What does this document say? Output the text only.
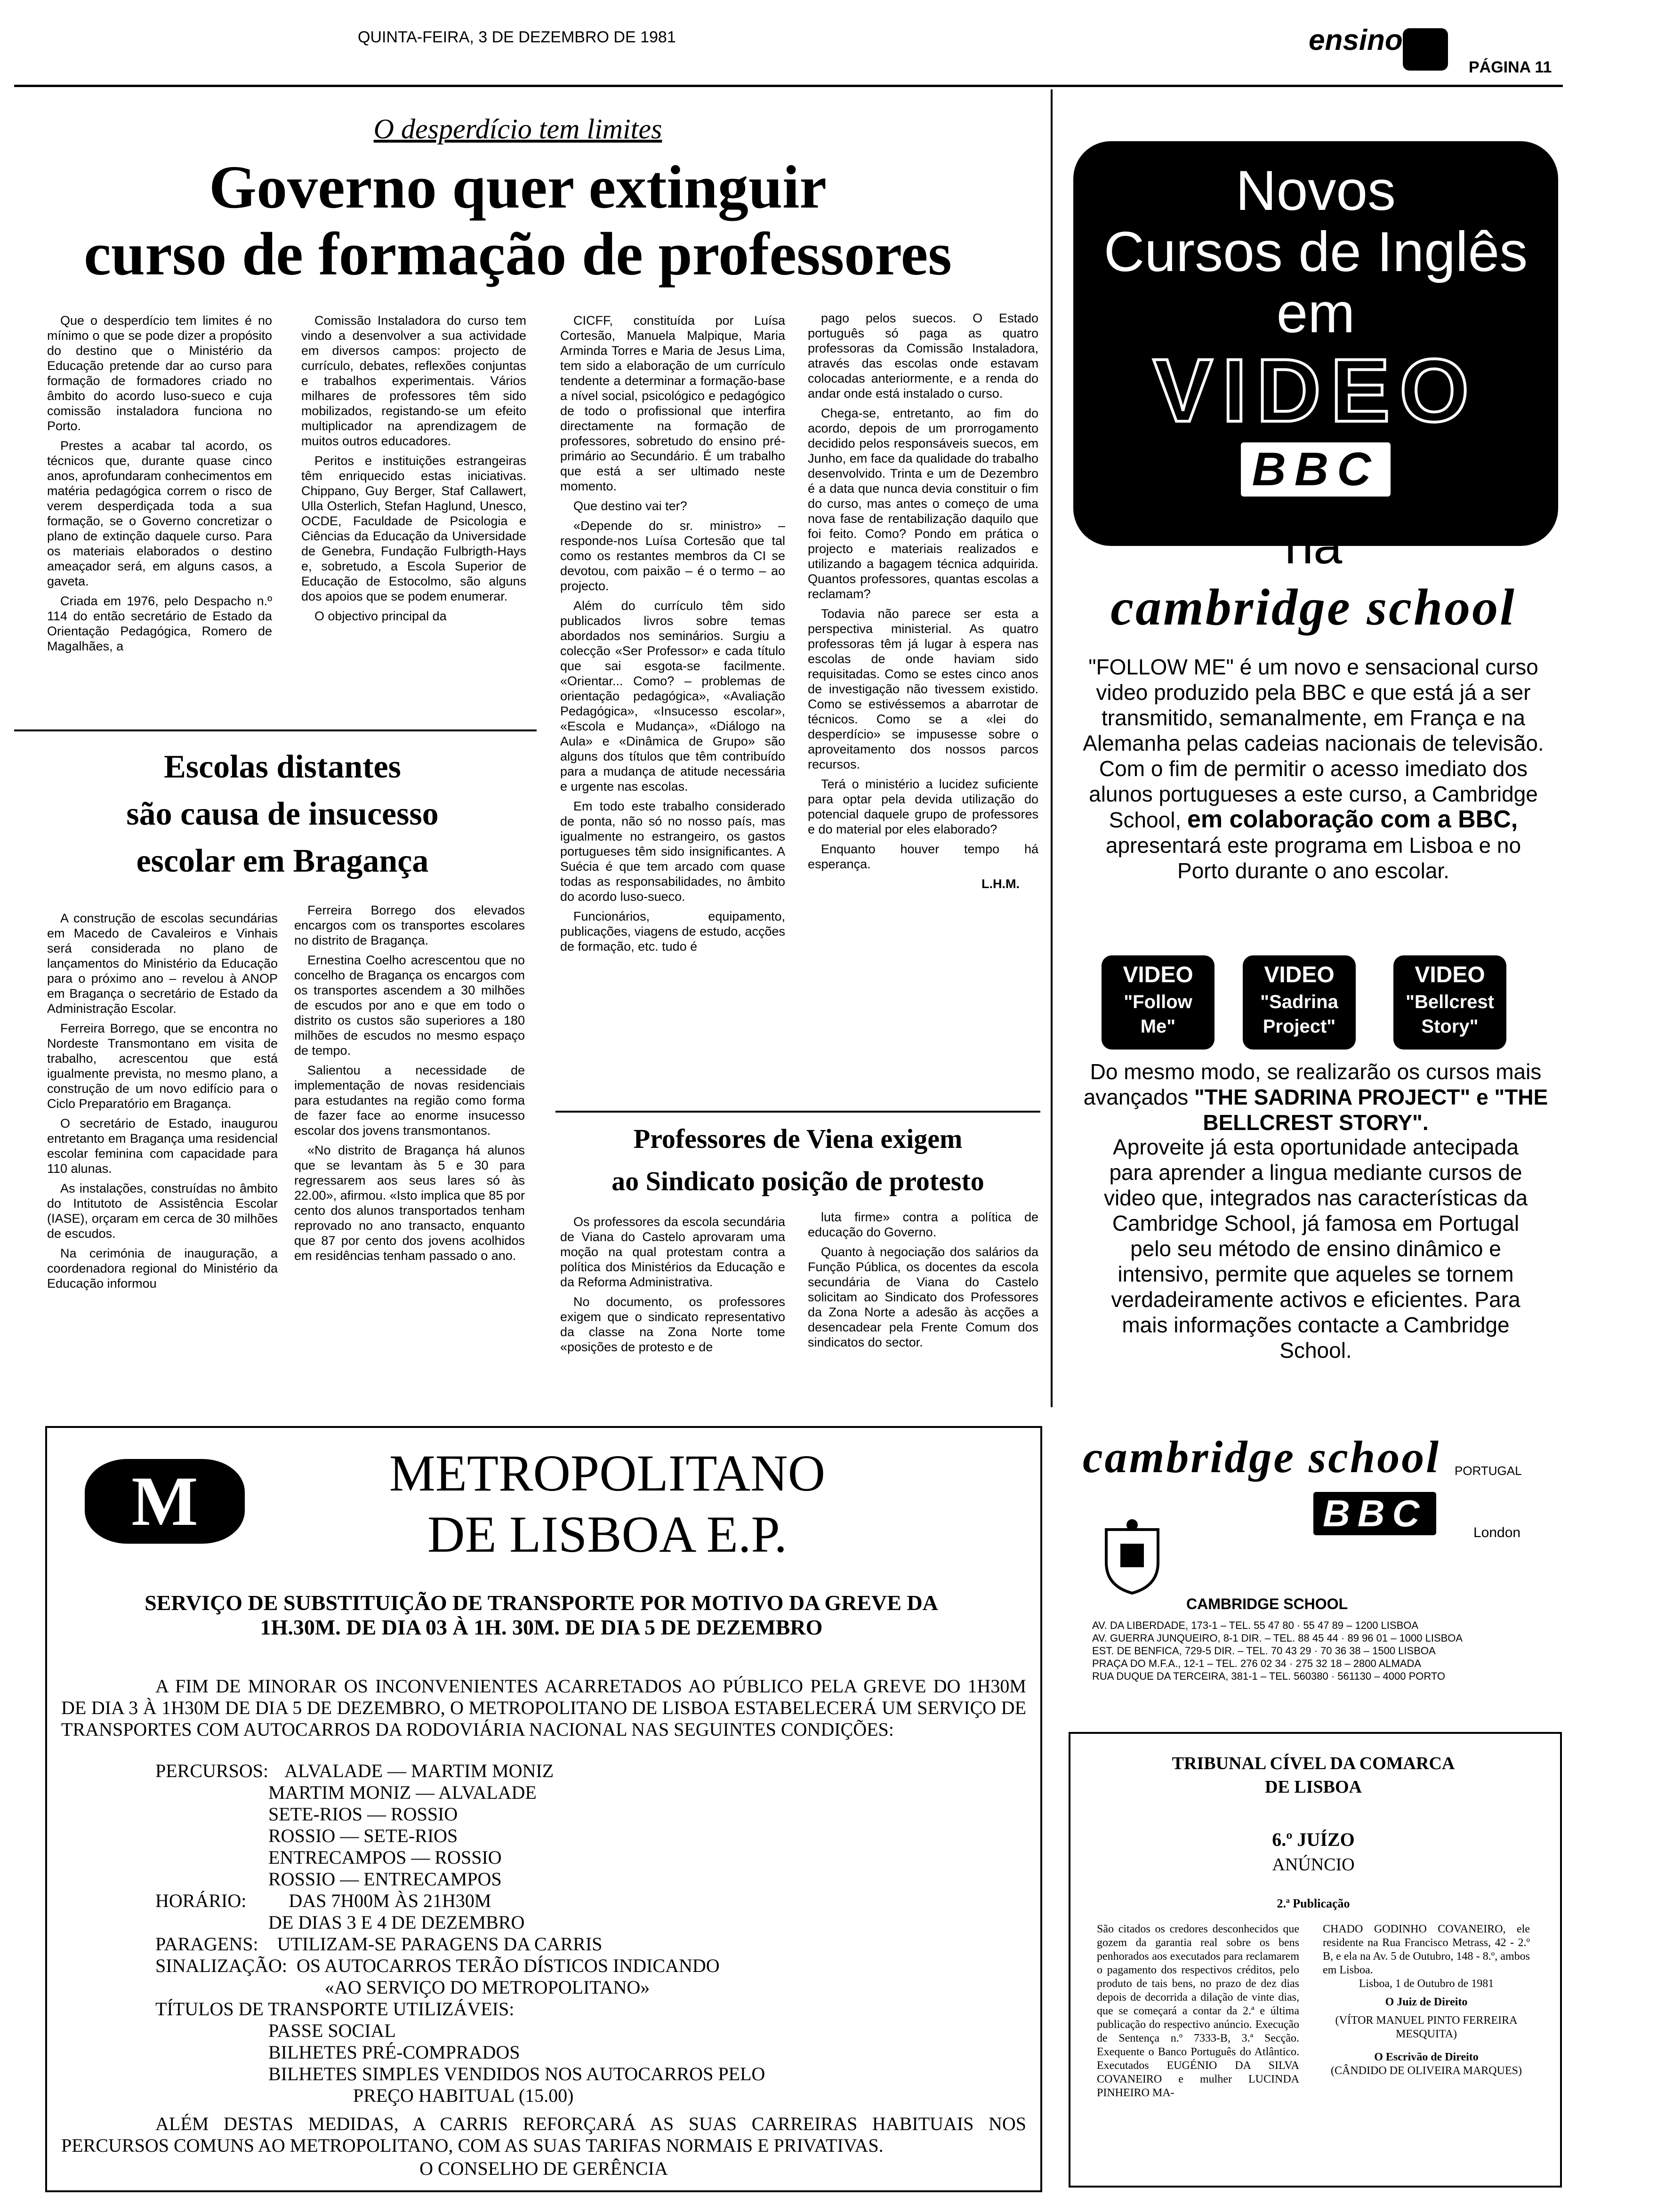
QUINTA-FEIRA, 3 DE DEZEMBRO DE 1981	ensino
PÁGINA 11
O desperdício tem limites
Governo quer extinguir
curso de formação de professores

Que o desperdício tem limites é no mínimo o que se pode dizer a propósito do destino que o Ministério da Educação pretende dar ao curso para formação de formadores criado no âmbito do acordo luso-sueco e cuja comissão instaladora funciona no Porto.

Prestes a acabar tal acordo, os técnicos que, durante quase cinco anos, aprofundaram conhecimentos em matéria pedagógica correm o risco de verem desperdiçada toda a sua formação, se o Governo concretizar o plano de extinção daquele curso. Para os materiais elaborados o destino ameaçador será, em alguns casos, a gaveta.

Criada em 1976, pelo Despacho n.º 114 do então secretário de Estado da Orientação Pedagógica, Romero de Magalhães, a

Comissão Instaladora do curso tem vindo a desenvolver a sua actividade em diversos campos: projecto de currículo, debates, reflexões conjuntas e trabalhos experimentais. Vários milhares de professores têm sido mobilizados, registando-se um efeito multiplicador na aprendizagem de muitos outros educadores.

Peritos e instituições estrangeiras têm enriquecido estas iniciativas. Chippano, Guy Berger, Staf Callawert, Ulla Osterlich, Stefan Haglund, Unesco, OCDE, Faculdade de Psicologia e Ciências da Educação da Universidade de Genebra, Fundação Fulbrigth-Hays e, sobretudo, a Escola Superior de Educação de Estocolmo, são alguns dos apoios que se podem enumerar.

O objectivo principal da

CICFF, constituída por Luísa Cortesão, Manuela Malpique, Maria Arminda Torres e Maria de Jesus Lima, tem sido a elaboração de um currículo tendente a determinar a formação-base a nível social, psicológico e pedagógico de todo o profissional que interfira directamente na formação de professores, sobretudo do ensino pré-primário ao Secundário. É um trabalho que está a ser ultimado neste momento.

Que destino vai ter?

«Depende do sr. ministro» – responde-nos Luísa Cortesão que tal como os restantes membros da CI se devotou, com paixão – é o termo – ao projecto.

Além do currículo têm sido publicados livros sobre temas abordados nos seminários. Surgiu a colecção «Ser Professor» e cada título que sai esgota-se facilmente. «Orientar... Como? – problemas de orientação pedagógica», «Avaliação Pedagógica», «Insucesso escolar», «Escola e Mudança», «Diálogo na Aula» e «Dinâmica de Grupo» são alguns dos títulos que têm contribuído para a mudança de atitude necessária e urgente nas escolas.

Em todo este trabalho considerado de ponta, não só no nosso país, mas igualmente no estrangeiro, os gastos portugueses têm sido insignificantes. A Suécia é que tem arcado com quase todas as responsabilidades, no âmbito do acordo luso-sueco.

Funcionários, equipamento, publicações, viagens de estudo, acções de formação, etc. tudo é

pago pelos suecos. O Estado português só paga as quatro professoras da Comissão Instaladora, através das escolas onde estavam colocadas anteriormente, e a renda do andar onde está instalado o curso.

Chega-se, entretanto, ao fim do acordo, depois de um prorrogamento decidido pelos responsáveis suecos, em Junho, em face da qualidade do trabalho desenvolvido. Trinta e um de Dezembro é a data que nunca devia constituir o fim do curso, mas antes o começo de uma nova fase de rentabilização daquilo que foi feito. Como? Pondo em prática o projecto e materiais realizados e utilizando a bagagem técnica adquirida. Quantos professores, quantas escolas a reclamam?

Todavia não parece ser esta a perspectiva ministerial. As quatro professoras têm já lugar à espera nas escolas de onde haviam sido requisitadas. Como se estes cinco anos de investigação não tivessem existido. Como se estivéssemos a abarrotar de técnicos. Como se a «lei do desperdício» se impusesse sobre o aproveitamento dos nossos parcos recursos.

Terá o ministério a lucidez suficiente para optar pela devida utilização do potencial daquele grupo de professores e do material por eles elaborado?

Enquanto houver tempo há esperança.

L.H.M.
Escolas distantes
são causa de insucesso
escolar em Bragança

A construção de escolas secundárias em Macedo de Cavaleiros e Vinhais será considerada no plano de lançamentos do Ministério da Educação para o próximo ano – revelou à ANOP em Bragança o secretário de Estado da Administração Escolar.

Ferreira Borrego, que se encontra no Nordeste Transmontano em visita de trabalho, acrescentou que está igualmente prevista, no mesmo plano, a construção de um novo edifício para o Ciclo Preparatório em Bragança.

O secretário de Estado, inaugurou entretanto em Bragança uma residencial escolar feminina com capacidade para 110 alunas.

As instalações, construídas no âmbito do Intitutoto de Assistência Escolar (IASE), orçaram em cerca de 30 milhões de escudos.

Na cerimónia de inauguração, a coordenadora regional do Ministério da Educação informou

Ferreira Borrego dos elevados encargos com os transportes escolares no distrito de Bragança.

Ernestina Coelho acrescentou que no concelho de Bragança os encargos com os transportes ascendem a 30 milhões de escudos por ano e que em todo o distrito os custos são superiores a 180 milhões de escudos no mesmo espaço de tempo.

Salientou a necessidade de implementação de novas residenciais para estudantes na região como forma de fazer face ao enorme insucesso escolar dos jovens transmontanos.

«No distrito de Bragança há alunos que se levantam às 5 e 30 para regressarem aos seus lares só às 22.00», afirmou. «Isto implica que 85 por cento dos alunos transportados tenham reprovado no ano transacto, enquanto que 87 por cento dos jovens acolhidos em residências tenham passado o ano.

Professores de Viena exigem
ao Sindicato posição de protesto

Os professores da escola secundária de Viana do Castelo aprovaram uma moção na qual protestam contra a política dos Ministérios da Educação e da Reforma Administrativa.

No documento, os professores exigem que o sindicato representativo da classe na Zona Norte tome «posições de protesto e de

luta firme» contra a política de educação do Governo.

Quanto à negociação dos salários da Função Pública, os docentes da escola secundária de Viana do Castelo solicitam ao Sindicato dos Professores da Zona Norte a adesão às acções a desencadear pela Frente Comum dos sindicatos do sector.

Novos
Cursos de Inglês
em
VIDEO
BBC
na
cambridge school
"FOLLOW ME" é um novo e sensacional curso video produzido pela BBC e que está já a ser transmitido, semanalmente, em França e na Alemanha pelas cadeias nacionais de televisão. Com o fim de permitir o acesso imediato dos alunos portugueses a este curso, a Cambridge School, em colaboração com a BBC, apresentará este programa em Lisboa e no Porto durante o ano escolar.
VIDEO
"Follow
Me"
VIDEO
"Sadrina
Project"
VIDEO
"Bellcrest
Story"
Do mesmo modo, se realizarão os cursos mais avançados "THE SADRINA PROJECT" e "THE BELLCREST STORY".
Aproveite já esta oportunidade antecipada para aprender a lingua mediante cursos de video que, integrados nas características da Cambridge School, já famosa em Portugal pelo seu método de ensino dinâmico e intensivo, permite que aqueles se tornem verdadeiramente activos e eficientes. Para mais informações contacte a Cambridge School.
cambridge school PORTUGAL
BBC	London
CAMBRIDGE SCHOOL
AV. DA LIBERDADE, 173-1 – TEL. 55 47 80 · 55 47 89 – 1200 LISBOA
AV. GUERRA JUNQUEIRO, 8-1 DIR. – TEL. 88 45 44 · 89 96 01 – 1000 LISBOA
EST. DE BENFICA, 729-5 DIR. – TEL. 70 43 29 · 70 36 38 – 1500 LISBOA
PRAÇA DO M.F.A., 12-1 – TEL. 276 02 34 · 275 32 18 – 2800 ALMADA
RUA DUQUE DA TERCEIRA, 381-1 – TEL. 560380 · 561130 – 4000 PORTO
M	METROPOLITANO
DE LISBOA E.P.
SERVIÇO DE SUBSTITUIÇÃO DE TRANSPORTE POR MOTIVO DA GREVE DA
1H.30M. DE DIA 03 À 1H. 30M. DE DIA 5 DE DEZEMBRO
A FIM DE MINORAR OS INCONVENIENTES ACARRETADOS AO PÚBLICO PELA GREVE DO 1H30M DE DIA 3 À 1H30M DE DIA 5 DE DEZEMBRO, O METROPOLITANO DE LISBOA ESTABELECERÁ UM SERVIÇO DE TRANSPORTES COM AUTOCARROS DA RODOVIÁRIA NACIONAL NAS SEGUINTES CONDIÇÕES:
PERCURSOS: ALVALADE — MARTIM MONIZ
MARTIM MONIZ — ALVALADE
SETE-RIOS — ROSSIO
ROSSIO — SETE-RIOS
ENTRECAMPOS — ROSSIO
ROSSIO — ENTRECAMPOS
HORÁRIO: DAS 7H00M ÀS 21H30M
DE DIAS 3 E 4 DE DEZEMBRO
PARAGENS: UTILIZAM-SE PARAGENS DA CARRIS
SINALIZAÇÃO: OS AUTOCARROS TERÃO DÍSTICOS INDICANDO
«AO SERVIÇO DO METROPOLITANO»
TÍTULOS DE TRANSPORTE UTILIZÁVEIS:
PASSE SOCIAL
BILHETES PRÉ-COMPRADOS
BILHETES SIMPLES VENDIDOS NOS AUTOCARROS PELO
PREÇO HABITUAL (15.00)
ALÉM DESTAS MEDIDAS, A CARRIS REFORÇARÁ AS SUAS CARREIRAS HABITUAIS NOS PERCURSOS COMUNS AO METROPOLITANO, COM AS SUAS TARIFAS NORMAIS E PRIVATIVAS.
O CONSELHO DE GERÊNCIA
TRIBUNAL CÍVEL DA COMARCA
DE LISBOA
6.º JUÍZO
ANÚNCIO
2.ª Publicação
São citados os credores desconhecidos que gozem da garantia real sobre os bens penhorados aos executados para reclamarem o pagamento dos respectivos créditos, pelo produto de tais bens, no prazo de dez dias depois de decorrida a dilação de vinte dias, que se começará a contar da 2.ª e última publicação do respectivo anúncio. Execução de Sentença n.º 7333-B, 3.ª Secção. Exequente o Banco Português do Atlântico. Executados EUGÉNIO DA SILVA COVANEIRO e mulher LUCINDA PINHEIRO MA-
CHADO GODINHO COVANEIRO, ele residente na Rua Francisco Metrass, 42 - 2.º B, e ela na Av. 5 de Outubro, 148 - 8.º, ambos em Lisboa.
Lisboa, 1 de Outubro de 1981
O Juiz de Direito
(VÍTOR MANUEL PINTO FERREIRA MESQUITA)
O Escrivão de Direito
(CÂNDIDO DE OLIVEIRA MARQUES)
